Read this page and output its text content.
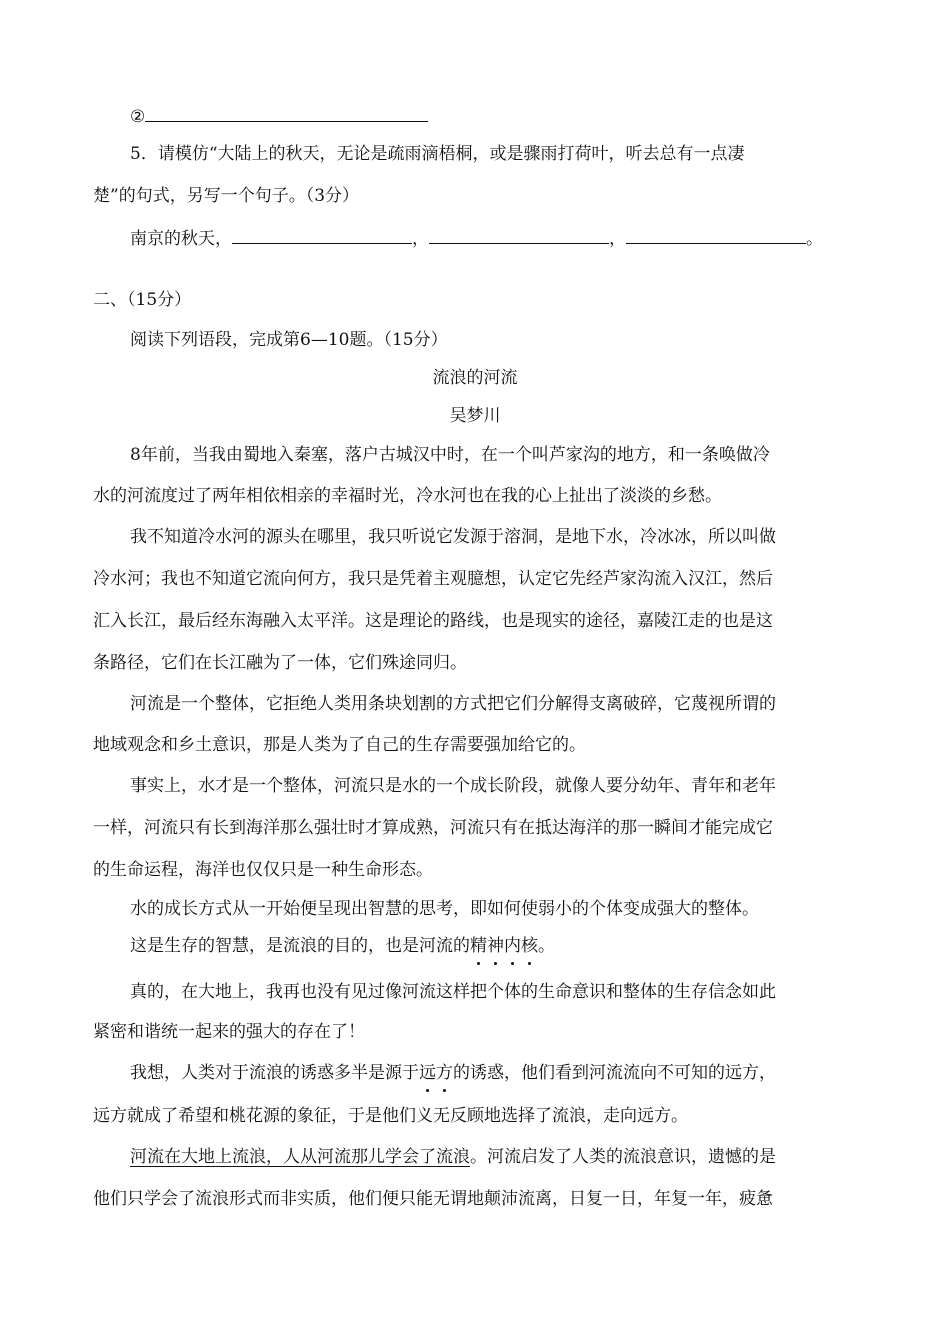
②
5．请模仿“大陆上的秋天，无论是疏雨滴梧桐，或是骤雨打荷叶，听去总有一点凄
楚”的句式，另写一个句子。（3分）
南京的秋天，	，	，	。
二、（15分）
阅读下列语段，完成第6—10题。（15分）
流浪的河流
吴梦川
8年前，当我由蜀地入秦塞，落户古城汉中时，在一个叫芦家沟的地方，和一条唤做冷
水的河流度过了两年相依相亲的幸福时光，冷水河也在我的心上扯出了淡淡的乡愁。
我不知道冷水河的源头在哪里，我只听说它发源于溶洞，是地下水，冷冰冰，所以叫做
冷水河；我也不知道它流向何方，我只是凭着主观臆想，认定它先经芦家沟流入汉江，然后
汇入长江，最后经东海融入太平洋。这是理论的路线，也是现实的途径，嘉陵江走的也是这
条路径，它们在长江融为了一体，它们殊途同归。
河流是一个整体，它拒绝人类用条块划割的方式把它们分解得支离破碎，它蔑视所谓的
地域观念和乡土意识，那是人类为了自己的生存需要强加给它的。
事实上，水才是一个整体，河流只是水的一个成长阶段，就像人要分幼年、青年和老年
一样，河流只有长到海洋那么强壮时才算成熟，河流只有在抵达海洋的那一瞬间才能完成它
的生命运程，海洋也仅仅只是一种生命形态。
水的成长方式从一开始便呈现出智慧的思考，即如何使弱小的个体变成强大的整体。
这是生存的智慧，是流浪的目的，也是河流的精神内核。
真的，在大地上，我再也没有见过像河流这样把个体的生命意识和整体的生存信念如此
紧密和谐统一起来的强大的存在了！
我想，人类对于流浪的诱惑多半是源于远方的诱惑，他们看到河流流向不可知的远方，
远方就成了希望和桃花源的象征，于是他们义无反顾地选择了流浪，走向远方。
河流在大地上流浪，人从河流那儿学会了流浪。河流启发了人类的流浪意识，遗憾的是
他们只学会了流浪形式而非实质，他们便只能无谓地颠沛流离，日复一日，年复一年，疲惫
